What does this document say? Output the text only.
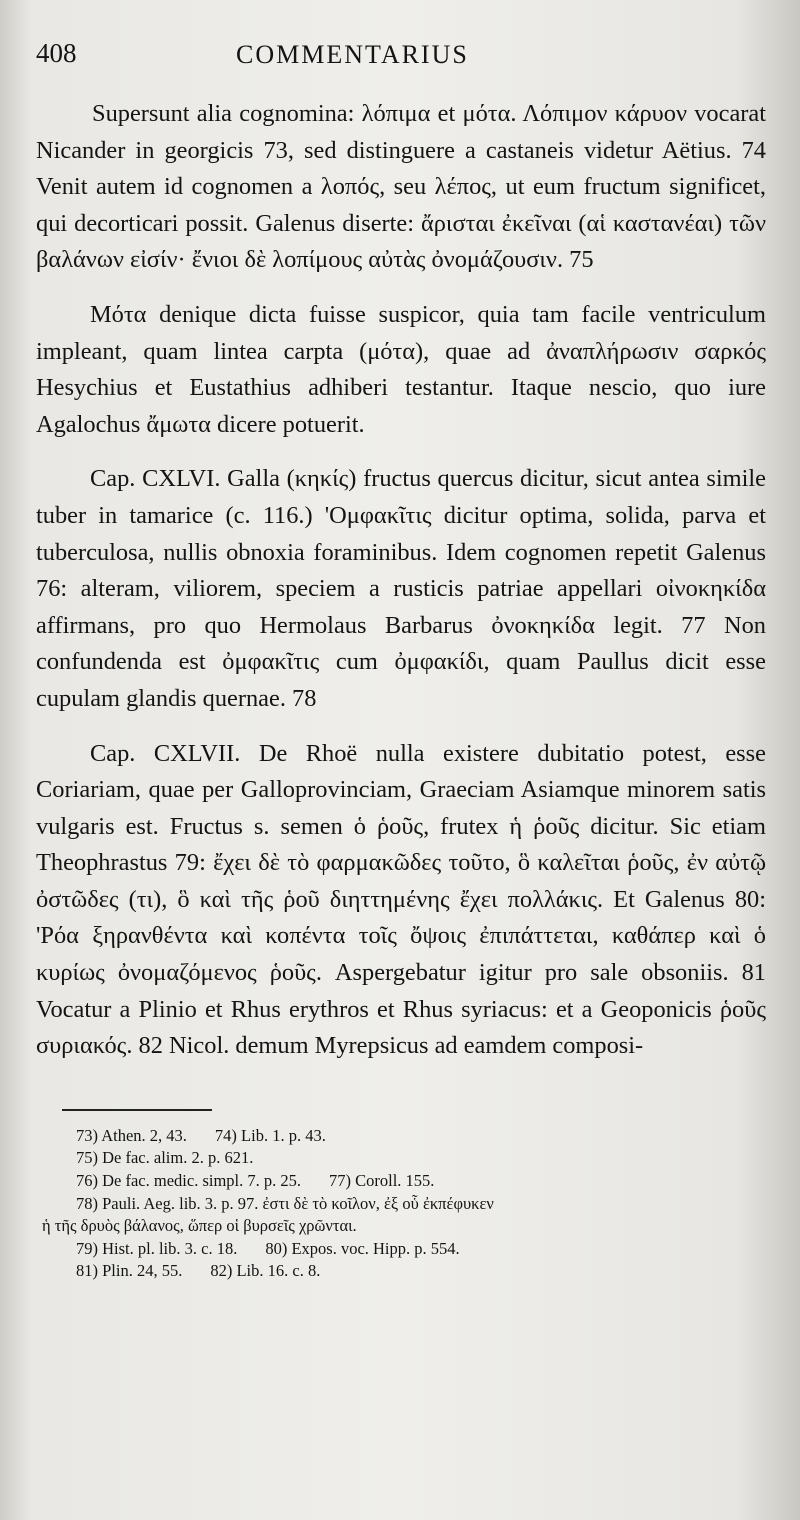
408	COMMENTARIUS

Supersunt alia cognomina: λόπιμα et μότα. Λόπιμον κάρυον vocarat Nicander in georgicis 73, sed distinguere a castaneis videtur Aëtius. 74 Venit autem id cognomen a λοπός, seu λέπος, ut eum fructum significet, qui decorticari possit. Galenus diserte: ἄρισται ἐκεῖναι (αἱ καστανέαι) τῶν βαλάνων εἰσίν· ἔνιοι δὲ λοπίμους αὐτὰς ὀνομάζουσιν. 75

Μότα denique dicta fuisse suspicor, quia tam facile ventriculum impleant, quam lintea carpta (μότα), quae ad ἀναπλήρωσιν σαρκός Hesychius et Eustathius adhiberi testantur. Itaque nescio, quo iure Agalochus ἄμωτα dicere potuerit.

Cap. CXLVI. Galla (κηκίς) fructus quercus dicitur, sicut antea simile tuber in tamarice (c. 116.) 'Ομφακῖτις dicitur optima, solida, parva et tuberculosa, nullis obnoxia foraminibus. Idem cognomen repetit Galenus 76: alteram, viliorem, speciem a rusticis patriae appellari οἰνοκηκίδα affirmans, pro quo Hermolaus Barbarus ὀνοκηκίδα legit. 77 Non confundenda est ὀμφακῖτις cum ὀμφακίδι, quam Paullus dicit esse cupulam glandis quernae. 78

Cap. CXLVII. De Rhoë nulla existere dubitatio potest, esse Coriariam, quae per Galloprovinciam, Graeciam Asiamque minorem satis vulgaris est. Fructus s. semen ὁ ῥοῦς, frutex ἡ ῥοῦς dicitur. Sic etiam Theophrastus 79: ἔχει δὲ τὸ φαρμακῶδες τοῦτο, ὃ καλεῖται ῥοῦς, ἐν αὐτῷ ὀστῶδες (τι), ὃ καὶ τῆς ῥοῦ διηττημένης ἔχει πολλάκις. Et Galenus 80: 'Ρόα ξηρανθέντα καὶ κοπέντα τοῖς ὄψοις ἐπιπάττεται, καθάπερ καὶ ὁ κυρίως ὀνομαζόμενος ῥοῦς. Aspergebatur igitur pro sale obsoniis. 81 Vocatur a Plinio et Rhus erythros et Rhus syriacus: et a Geoponicis ῥοῦς συριακός. 82 Nicol. demum Myrepsicus ad eamdem composi-

73) Athen. 2, 43. 74) Lib. 1. p. 43.
75) De fac. alim. 2. p. 621.
76) De fac. medic. simpl. 7. p. 25. 77) Coroll. 155.
78) Pauli. Aeg. lib. 3. p. 97. ἐστι δὲ τὸ κοῖλον, ἐξ οὗ ἐκπέφυκεν
ἡ τῆς δρυὸς βάλανος, ὥπερ οἱ βυρσεῖς χρῶνται.
79) Hist. pl. lib. 3. c. 18. 80) Expos. voc. Hipp. p. 554.
81) Plin. 24, 55. 82) Lib. 16. c. 8.
